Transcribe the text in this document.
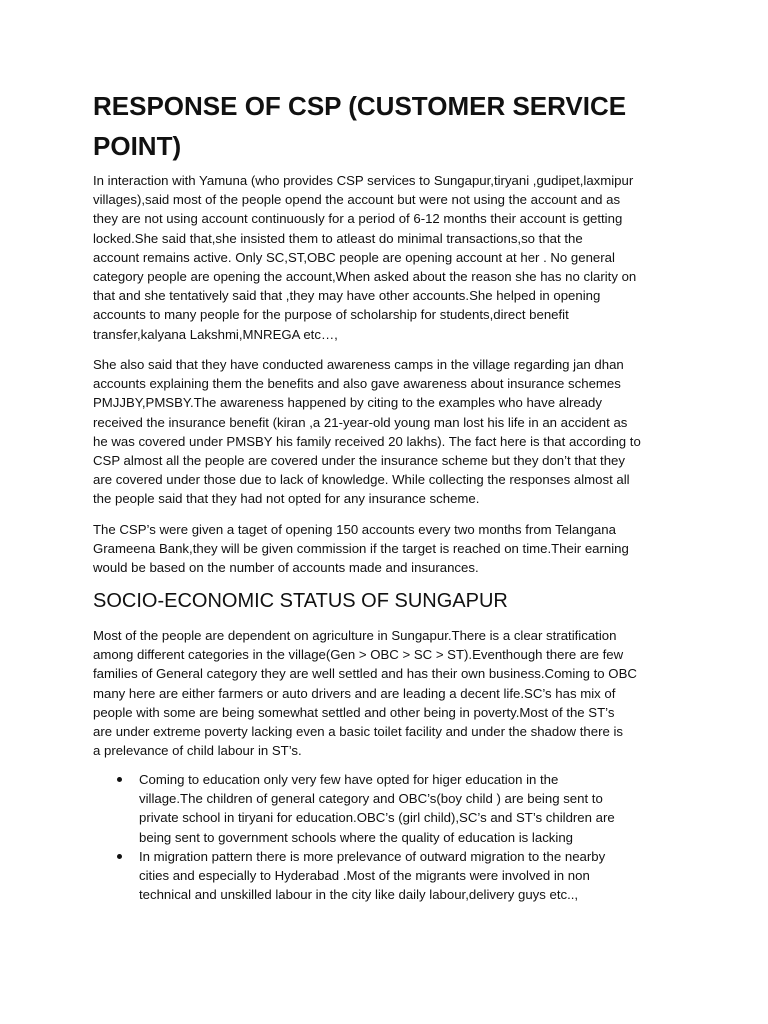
RESPONSE OF CSP (CUSTOMER SERVICE
POINT)
In interaction with Yamuna (who provides CSP services to Sungapur,tiryani ,gudipet,laxmipur
villages),said most of the people opend the account but were not using the account and as
they are not using account continuously for a period of 6-12 months their account is getting
locked.She said that,she insisted them to atleast do minimal transactions,so that the
account remains active. Only SC,ST,OBC people are opening account at her . No general
category people are opening the account,When asked about the reason she has no clarity on
that and she tentatively said that ,they may have other accounts.She helped in opening
accounts to many people for the purpose of scholarship for students,direct benefit
transfer,kalyana Lakshmi,MNREGA etc…,
She also said that they have conducted awareness camps in the village regarding jan dhan
accounts explaining them the benefits and also gave awareness about insurance schemes
PMJJBY,PMSBY.The awareness happened by citing to the examples who have already
received the insurance benefit (kiran ,a 21-year-old young man lost his life in an accident as
he was covered under PMSBY his family received 20 lakhs). The fact here is that according to
CSP almost all the people are covered under the insurance scheme but they don’t that they
are covered under those due to lack of knowledge. While collecting the responses almost all
the people said that they had not opted for any insurance scheme.
The CSP’s were given a taget of opening 150 accounts every two months from Telangana
Grameena Bank,they will be given commission if the target is reached on time.Their earning
would be based on the number of accounts made and insurances.
SOCIO-ECONOMIC STATUS OF SUNGAPUR
Most of the people are dependent on agriculture in Sungapur.There is a clear stratification
among different categories in the village(Gen > OBC > SC > ST).Eventhough there are few
families of General category they are well settled and has their own business.Coming to OBC
many here are either farmers or auto drivers and are leading a decent life.SC’s has mix of
people with some are being somewhat settled and other being in poverty.Most of the ST’s
are under extreme poverty lacking even a basic toilet facility and under the shadow there is
a prelevance of child labour in ST’s.
Coming to education only very few have opted for higer education in the
village.The children of general category and OBC’s(boy child ) are being sent to
private school in tiryani for education.OBC’s (girl child),SC’s and ST’s children are
being sent to government schools where the quality of education is lacking
In migration pattern there is more prelevance of outward migration to the nearby
cities and especially to Hyderabad .Most of the migrants were involved in non
technical and unskilled labour in the city like daily labour,delivery guys etc..,
